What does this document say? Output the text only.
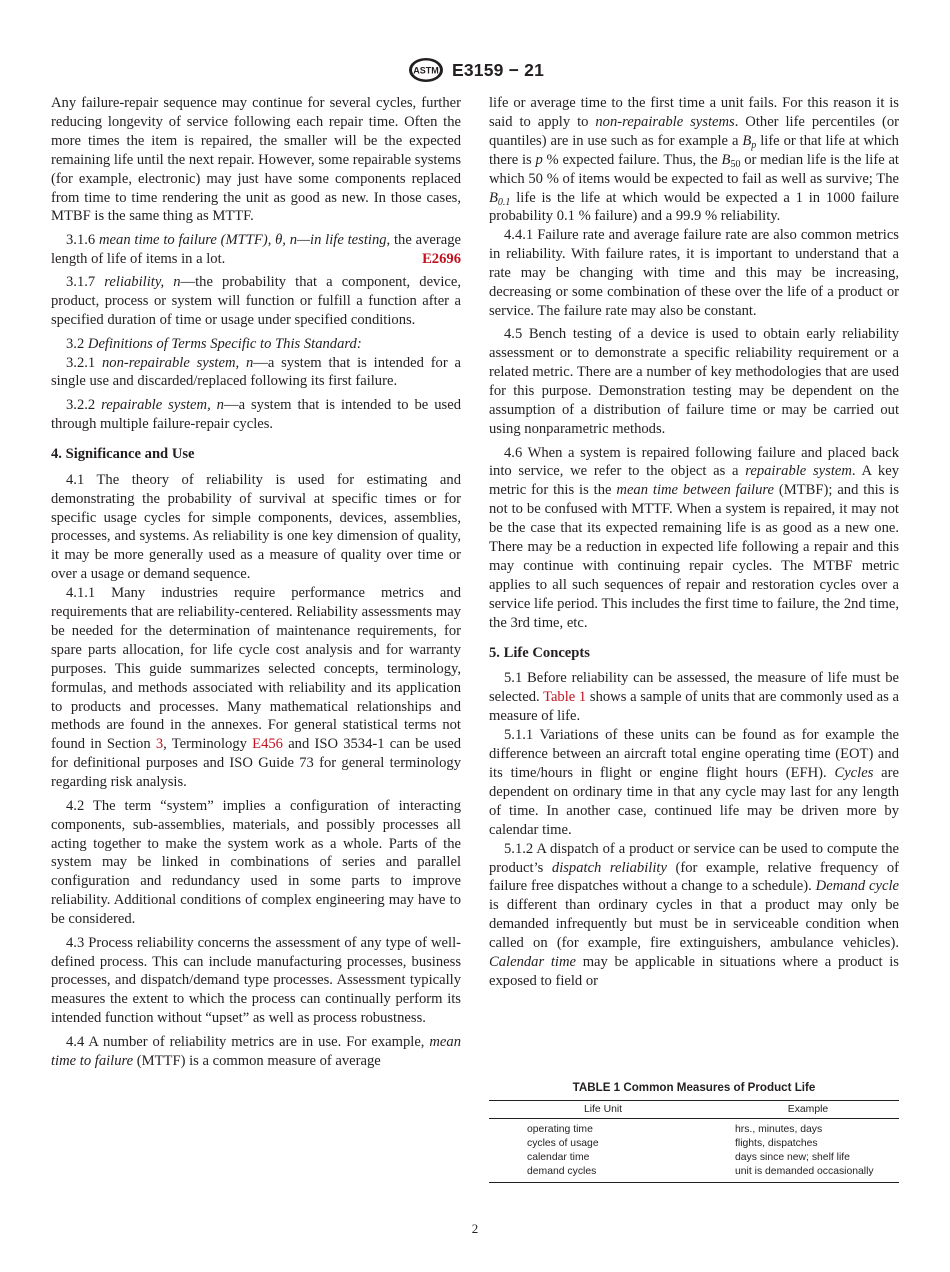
ASTM E3159 − 21

Any failure-repair sequence may continue for several cycles, further reducing longevity of service following each repair time. Often the more times the item is repaired, the smaller will be the expected remaining life until the next repair. However, some repairable systems (for example, electronic) may just have some components replaced from time to time rendering the unit as good as new. In those cases, MTBF is the same thing as MTTF.

3.1.6 mean time to failure (MTTF), θ, n—in life testing, the average length of life of items in a lot.	E2696

3.1.7 reliability, n—the probability that a component, device, product, process or system will function or fulfill a function after a specified duration of time or usage under specified conditions.

3.2 Definitions of Terms Specific to This Standard:

3.2.1 non-repairable system, n—a system that is intended for a single use and discarded/replaced following its first failure.

3.2.2 repairable system, n—a system that is intended to be used through multiple failure-repair cycles.

4. Significance and Use

4.1 The theory of reliability is used for estimating and demonstrating the probability of survival at specific times or for specific usage cycles for simple components, devices, assemblies, processes, and systems. As reliability is one key dimension of quality, it may be more generally used as a measure of quality over time or over a usage or demand sequence.

4.1.1 Many industries require performance metrics and requirements that are reliability-centered. Reliability assessments may be needed for the determination of maintenance requirements, for spare parts allocation, for life cycle cost analysis and for warranty purposes. This guide summarizes selected concepts, terminology, formulas, and methods associated with reliability and its application to products and processes. Many mathematical relationships and methods are found in the annexes. For general statistical terms not found in Section 3, Terminology E456 and ISO 3534-1 can be used for definitional purposes and ISO Guide 73 for general terminology regarding risk analysis.

4.2 The term “system” implies a configuration of interacting components, sub-assemblies, materials, and possibly processes all acting together to make the system work as a whole. Parts of the system may be linked in combinations of series and parallel configuration and redundancy used in some parts to improve reliability. Additional conditions of complex engineering may have to be considered.

4.3 Process reliability concerns the assessment of any type of well-defined process. This can include manufacturing processes, business processes, and dispatch/demand type processes. Assessment typically measures the extent to which the process can continually perform its intended function without “upset” as well as process robustness.

4.4 A number of reliability metrics are in use. For example, mean time to failure (MTTF) is a common measure of average

life or average time to the first time a unit fails. For this reason it is said to apply to non-repairable systems. Other life percentiles (or quantiles) are in use such as for example a $B_p$ life or that life at which there is p % expected failure. Thus, the $B_{50}$ or median life is the life at which 50 % of items would be expected to fail as well as survive; The $B_{0.1}$ life is the life at which would be expected a 1 in 1000 failure probability 0.1 % failure) and a 99.9 % reliability.

4.4.1 Failure rate and average failure rate are also common metrics in reliability. With failure rates, it is important to understand that a rate may be changing with time and this may be increasing, decreasing or some combination of these over the life of a product or service. The failure rate may also be constant.

4.5 Bench testing of a device is used to obtain early reliability assessment or to demonstrate a specific reliability requirement or a related metric. There are a number of key methodologies that are used for this purpose. Demonstration testing may be dependent on the assumption of a distribution of failure time or may be carried out using nonparametric methods.

4.6 When a system is repaired following failure and placed back into service, we refer to the object as a repairable system. A key metric for this is the mean time between failure (MTBF); and this is not to be confused with MTTF. When a system is repaired, it may not be the case that its expected remaining life is as good as a new one. There may be a reduction in expected life following a repair and this may continue with continuing repair cycles. The MTBF metric applies to all such sequences of repair and restoration cycles over a service life period. This includes the first time to failure, the 2nd time, the 3rd time, etc.

5. Life Concepts

5.1 Before reliability can be assessed, the measure of life must be selected. Table 1 shows a sample of units that are commonly used as a measure of life.

5.1.1 Variations of these units can be found as for example the difference between an aircraft total engine operating time (EOT) and its time/hours in flight or engine flight hours (EFH). Cycles are dependent on ordinary time in that any cycle may last for any length of time. In another case, continued life may be driven more by calendar time.

5.1.2 A dispatch of a product or service can be used to compute the product’s dispatch reliability (for example, relative frequency of failure free dispatches without a change to a schedule). Demand cycle is different than ordinary cycles in that a product may only be demanded infrequently but must be in serviceable condition when called on (for example, fire extinguishers, ambulance vehicles). Calendar time may be applicable in situations where a product is exposed to field or

TABLE 1 Common Measures of Product Life
Life Unit	Example
operating time	hrs., minutes, days
cycles of usage	flights, dispatches
calendar time	days since new; shelf life
demand cycles	unit is demanded occasionally
2
